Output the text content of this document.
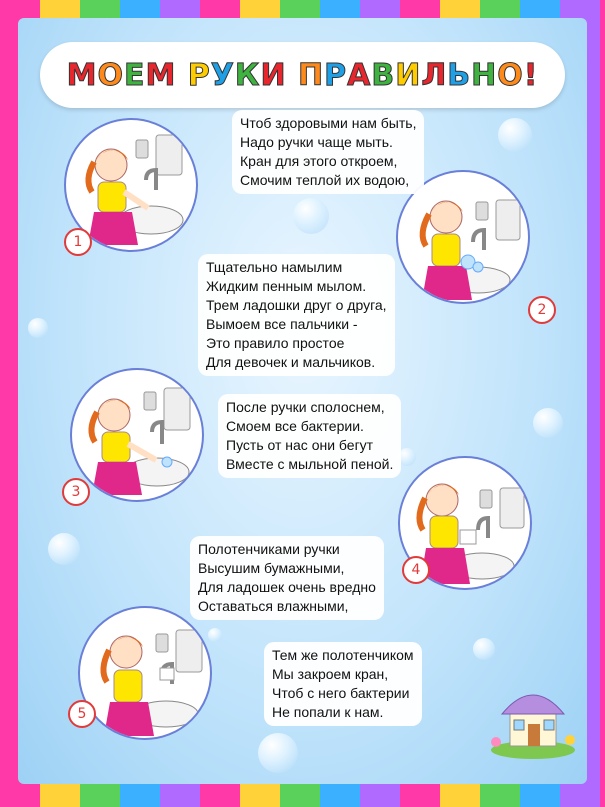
М О Е М
Р У К И
П Р А В И Л Ь Н О !
1
2
3
4
5
Чтоб здоровыми нам быть,
Надо ручки чаще мыть.
Кран для этого откроем,
Смочим теплой их водою,
Тщательно намылим
Жидким пенным мылом.
Трем ладошки друг о друга,
Вымоем все пальчики -
Это правило простое
Для девочек и мальчиков.
После ручки сполоснем,
Смоем все бактерии.
Пусть от нас они бегут
Вместе с мыльной пеной.
Полотенчиками ручки
Высушим бумажными,
Для ладошек очень вредно
Оставаться влажными,
Тем же полотенчиком
Мы закроем кран,
Чтоб с него бактерии
Не попали к нам.
